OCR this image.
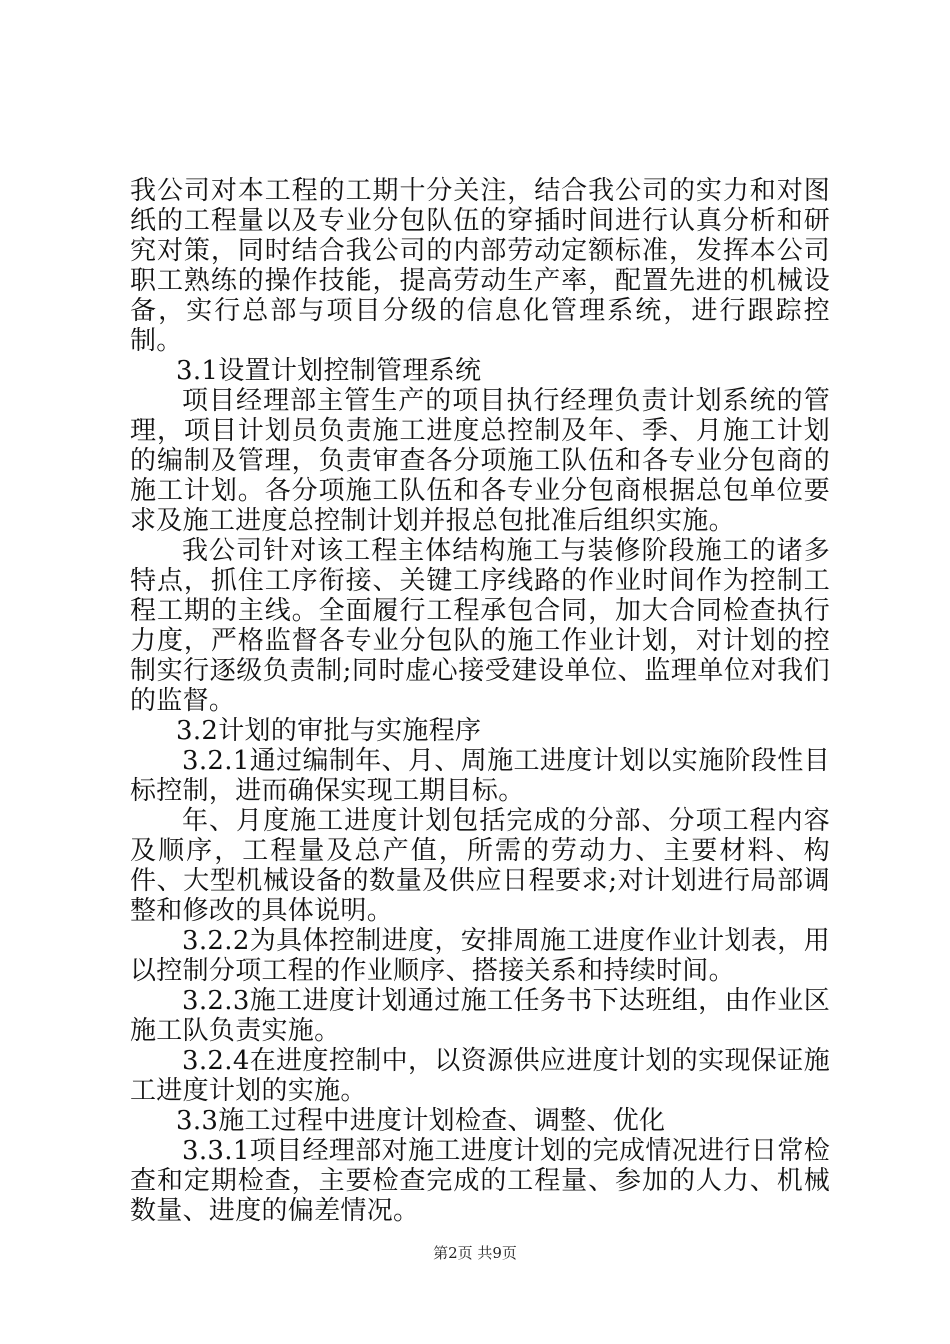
我公司对本工程的工期十分关注，结合我公司的实力和对图纸的工程量以及专业分包队伍的穿插时间进行认真分析和研究对策，同时结合我公司的内部劳动定额标准，发挥本公司职工熟练的操作技能，提高劳动生产率，配置先进的机械设备，实行总部与项目分级的信息化管理系统，进行跟踪控制。

3.1设置计划控制管理系统

项目经理部主管生产的项目执行经理负责计划系统的管理，项目计划员负责施工进度总控制及年、季、月施工计划的编制及管理，负责审查各分项施工队伍和各专业分包商的施工计划。各分项施工队伍和各专业分包商根据总包单位要求及施工进度总控制计划并报总包批准后组织实施。

我公司针对该工程主体结构施工与装修阶段施工的诸多特点，抓住工序衔接、关键工序线路的作业时间作为控制工程工期的主线。全面履行工程承包合同，加大合同检查执行力度，严格监督各专业分包队的施工作业计划，对计划的控制实行逐级负责制;同时虚心接受建设单位、监理单位对我们的监督。

3.2计划的审批与实施程序

3.2.1通过编制年、月、周施工进度计划以实施阶段性目标控制，进而确保实现工期目标。

年、月度施工进度计划包括完成的分部、分项工程内容及顺序，工程量及总产值，所需的劳动力、主要材料、构件、大型机械设备的数量及供应日程要求;对计划进行局部调整和修改的具体说明。

3.2.2为具体控制进度，安排周施工进度作业计划表，用以控制分项工程的作业顺序、搭接关系和持续时间。

3.2.3施工进度计划通过施工任务书下达班组，由作业区施工队负责实施。

3.2.4在进度控制中，以资源供应进度计划的实现保证施工进度计划的实施。

3.3施工过程中进度计划检查、调整、优化

3.3.1项目经理部对施工进度计划的完成情况进行日常检查和定期检查，主要检查完成的工程量、参加的人力、机械数量、进度的偏差情况。

第2页 共9页
